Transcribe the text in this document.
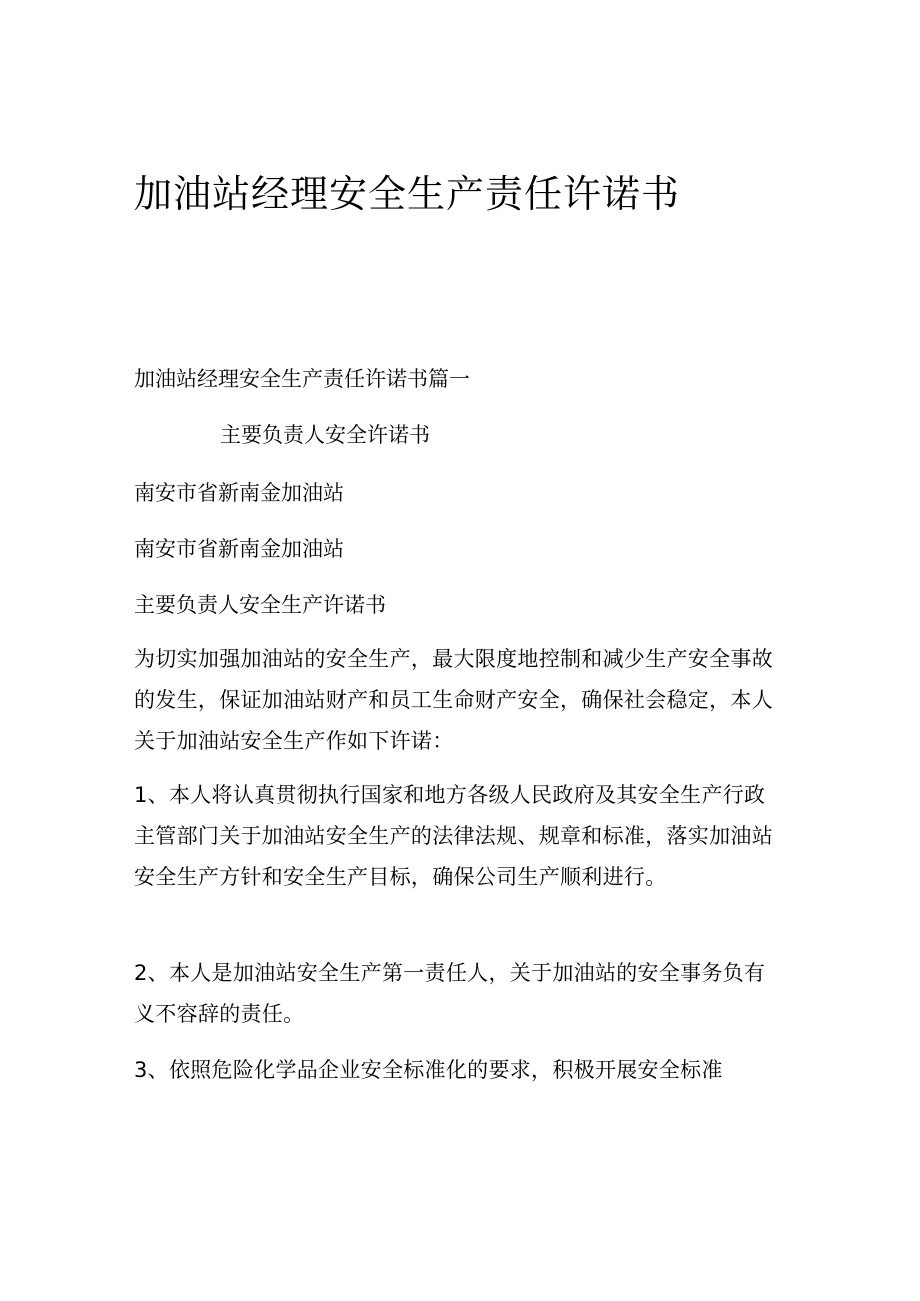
加油站经理安全生产责任许诺书

加油站经理安全生产责任许诺书篇一

主要负责人安全许诺书

南安市省新南金加油站

南安市省新南金加油站

主要负责人安全生产许诺书

为切实加强加油站的安全生产，最大限度地控制和减少生产安全事故的发生，保证加油站财产和员工生命财产安全，确保社会稳定，本人关于加油站安全生产作如下许诺：

1、本人将认真贯彻执行国家和地方各级人民政府及其安全生产行政主管部门关于加油站安全生产的法律法规、规章和标准，落实加油站安全生产方针和安全生产目标，确保公司生产顺利进行。

2、本人是加油站安全生产第一责任人，关于加油站的安全事务负有义不容辞的责任。

3、依照危险化学品企业安全标准化的要求，积极开展安全标准
